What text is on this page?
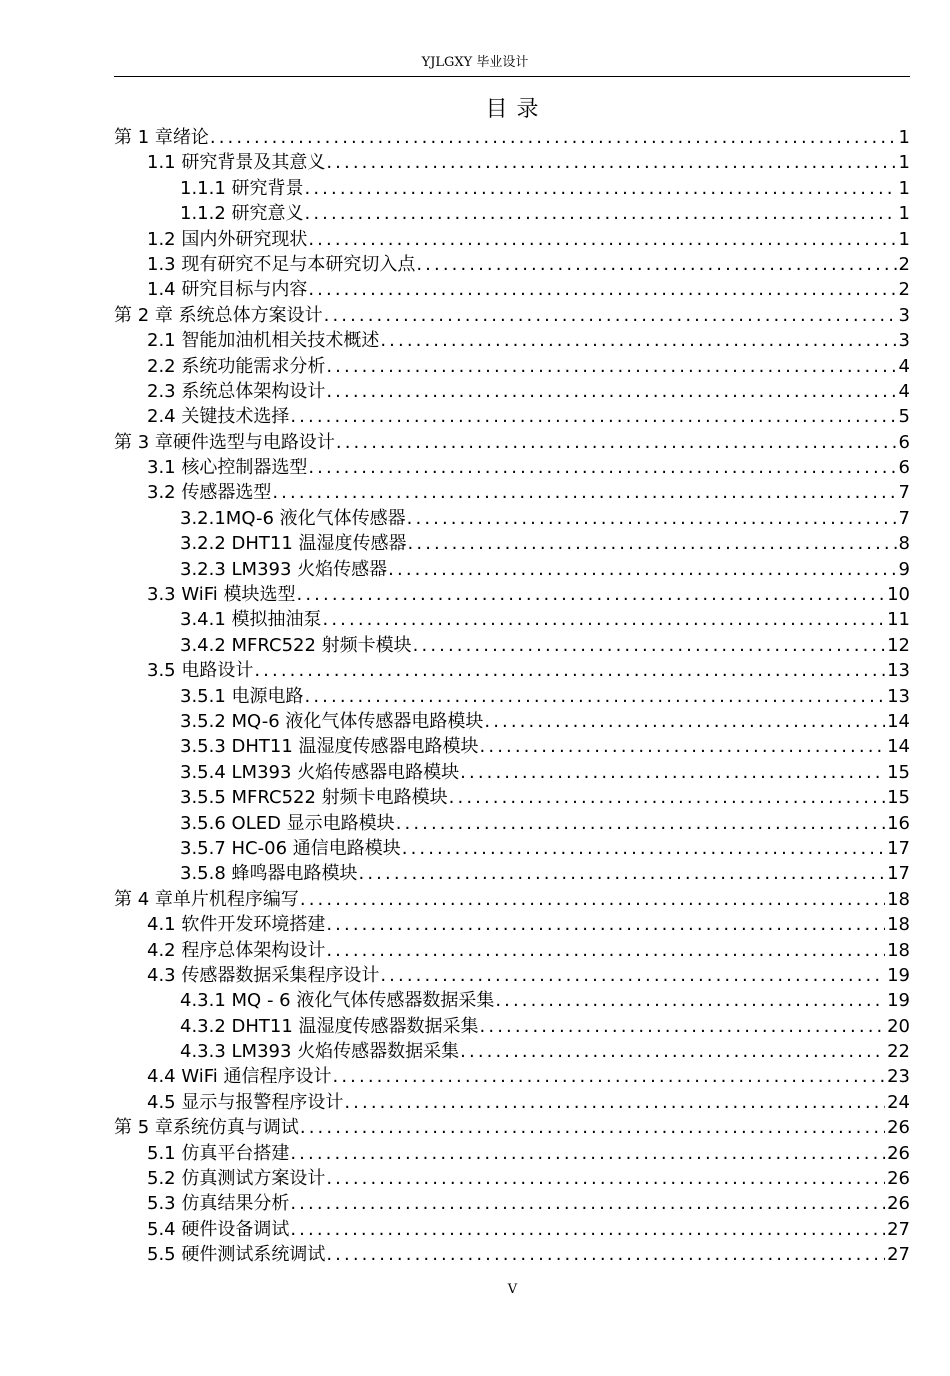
YJLGXY 毕业设计
目 录
第 1 章绪论 .....	1
1.1 研究背景及其意义 .....	1
1.1.1 研究背景 .....	1
1.1.2 研究意义 .....	1
1.2 国内外研究现状 .....	1
1.3 现有研究不足与本研究切入点 .....	2
1.4 研究目标与内容 .....	2
第 2 章 系统总体方案设计 .....	3
2.1 智能加油机相关技术概述 .....	3
2.2 系统功能需求分析 .....	4
2.3 系统总体架构设计 .....	4
2.4 关键技术选择 .....	5
第 3 章硬件选型与电路设计 .....	6
3.1 核心控制器选型 .....	6
3.2 传感器选型 .....	7
3.2.1MQ-6 液化气体传感器 .....	7
3.2.2 DHT11 温湿度传感器 .....	8
3.2.3 LM393 火焰传感器 .....	9
3.3 WiFi 模块选型 .....	10
3.4.1 模拟抽油泵 .....	11
3.4.2 MFRC522 射频卡模块 .....	12
3.5 电路设计 .....	13
3.5.1 电源电路 .....	13
3.5.2 MQ-6 液化气体传感器电路模块 .....	14
3.5.3 DHT11 温湿度传感器电路模块 .....	14
3.5.4 LM393 火焰传感器电路模块 .....	15
3.5.5 MFRC522 射频卡电路模块 .....	15
3.5.6 OLED 显示电路模块 .....	16
3.5.7 HC-06 通信电路模块 .....	17
3.5.8 蜂鸣器电路模块 .....	17
第 4 章单片机程序编写 .....	18
4.1 软件开发环境搭建 .....	18
4.2 程序总体架构设计 .....	18
4.3 传感器数据采集程序设计 .....	19
4.3.1 MQ - 6 液化气体传感器数据采集 .....	19
4.3.2 DHT11 温湿度传感器数据采集 .....	20
4.3.3 LM393 火焰传感器数据采集 .....	22
4.4 WiFi 通信程序设计 .....	23
4.5 显示与报警程序设计 .....	24
第 5 章系统仿真与调试 .....	26
5.1 仿真平台搭建 .....	26
5.2 仿真测试方案设计 .....	26
5.3 仿真结果分析 .....	26
5.4 硬件设备调试 .....	27
5.5 硬件测试系统调试 .....	27
V
